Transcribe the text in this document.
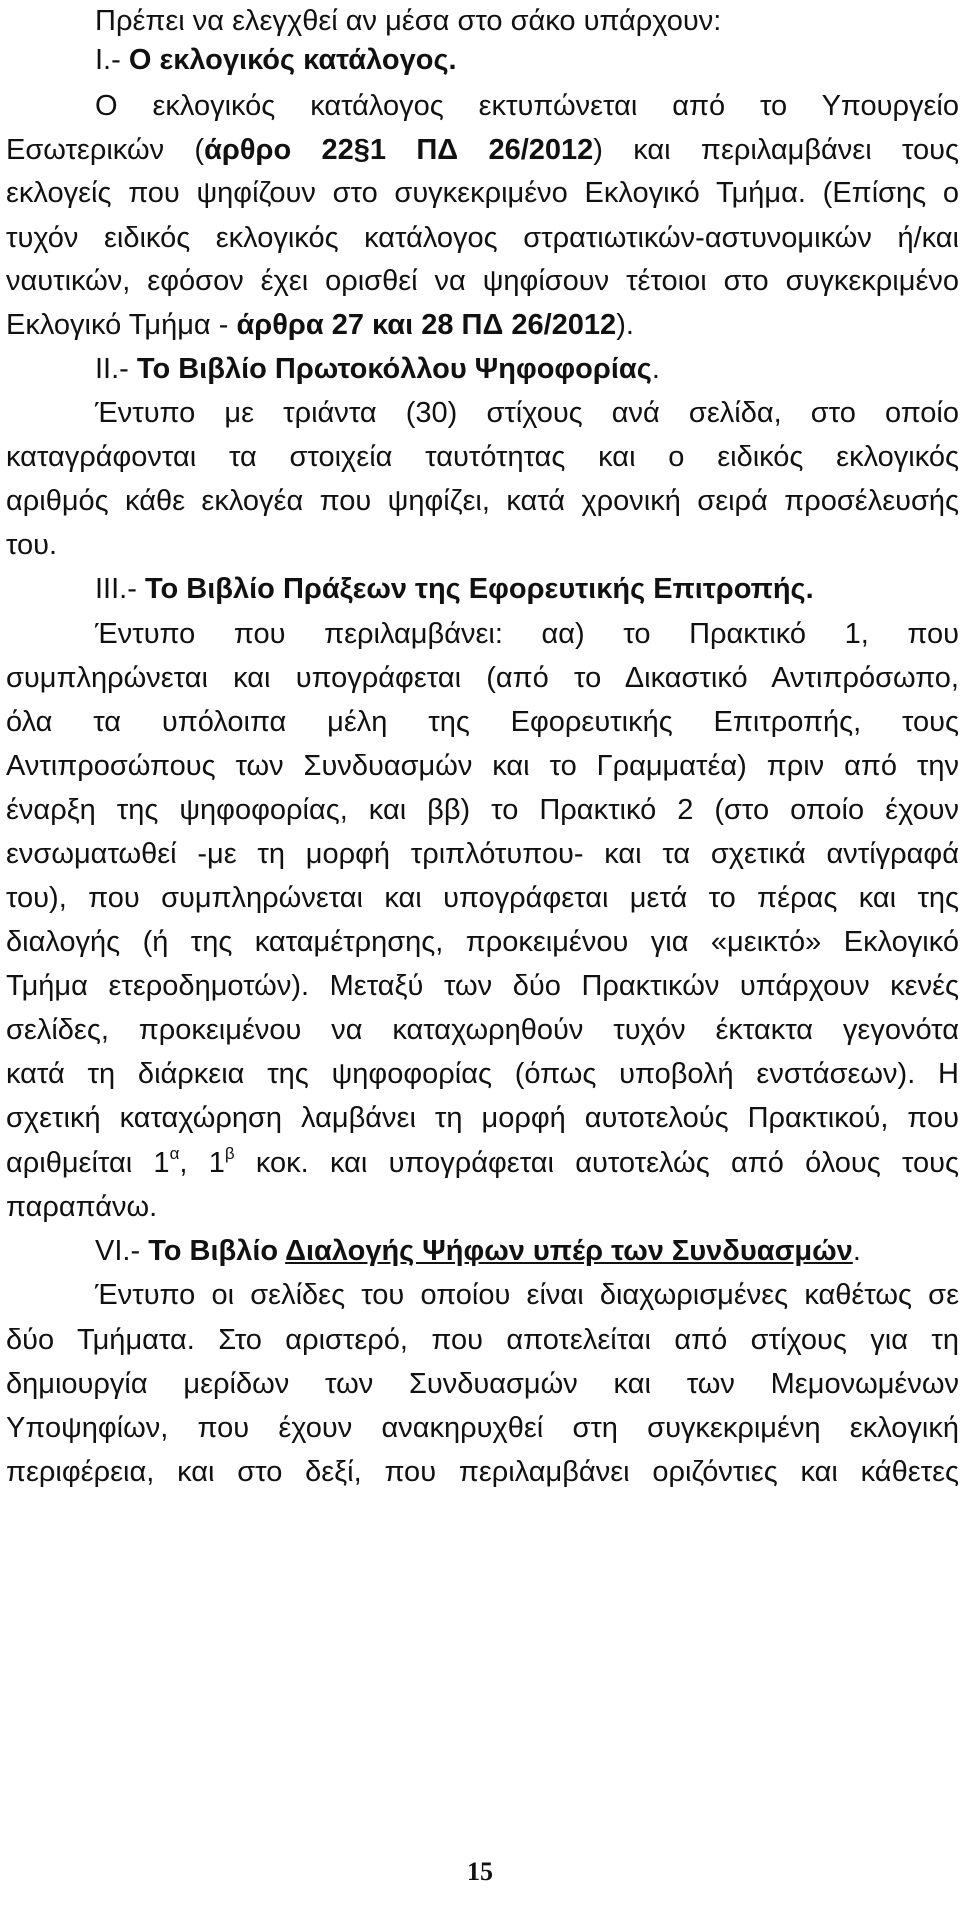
Πρέπει να ελεγχθεί αν μέσα στο σάκο υπάρχουν:
Ι.- Ο εκλογικός κατάλογος.
Ο εκλογικός κατάλογος εκτυπώνεται από το Υπουργείο
Εσωτερικών (άρθρο 22§1 ΠΔ 26/2012) και περιλαμβάνει τους
εκλογείς που ψηφίζουν στο συγκεκριμένο Εκλογικό Τμήμα. (Επίσης ο
τυχόν ειδικός εκλογικός κατάλογος στρατιωτικών-αστυνομικών ή/και
ναυτικών, εφόσον έχει ορισθεί να ψηφίσουν τέτοιοι στο συγκεκριμένο
Εκλογικό Τμήμα - άρθρα 27 και 28 ΠΔ 26/2012).
ΙΙ.- Το Βιβλίο Πρωτοκόλλου Ψηφοφορίας.
Έντυπο με τριάντα (30) στίχους ανά σελίδα, στο οποίο
καταγράφονται τα στοιχεία ταυτότητας και ο ειδικός εκλογικός
αριθμός κάθε εκλογέα που ψηφίζει, κατά χρονική σειρά προσέλευσής
του.
ΙΙΙ.- Το Βιβλίο Πράξεων της Εφορευτικής Επιτροπής.
Έντυπο που περιλαμβάνει: αα) το Πρακτικό 1, που
συμπληρώνεται και υπογράφεται (από το Δικαστικό Αντιπρόσωπο,
όλα τα υπόλοιπα μέλη της Εφορευτικής Επιτροπής, τους
Αντιπροσώπους των Συνδυασμών και το Γραμματέα) πριν από την
έναρξη της ψηφοφορίας, και ββ) το Πρακτικό 2 (στο οποίο έχουν
ενσωματωθεί -με τη μορφή τριπλότυπου- και τα σχετικά αντίγραφά
του), που συμπληρώνεται και υπογράφεται μετά το πέρας και της
διαλογής (ή της καταμέτρησης, προκειμένου για «μεικτό» Εκλογικό
Τμήμα ετεροδημοτών). Μεταξύ των δύο Πρακτικών υπάρχουν κενές
σελίδες, προκειμένου να καταχωρηθούν τυχόν έκτακτα γεγονότα
κατά τη διάρκεια της ψηφοφορίας (όπως υποβολή ενστάσεων). Η
σχετική καταχώρηση λαμβάνει τη μορφή αυτοτελούς Πρακτικού, που
αριθμείται $1^\alpha$, $1^\beta$ κοκ. και υπογράφεται αυτοτελώς από όλους τους
παραπάνω.
VI.- Το Βιβλίο Διαλογής Ψήφων υπέρ των Συνδυασμών.
Έντυπο οι σελίδες του οποίου είναι διαχωρισμένες καθέτως σε
δύο Τμήματα. Στο αριστερό, που αποτελείται από στίχους για τη
δημιουργία μερίδων των Συνδυασμών και των Μεμονωμένων
Υποψηφίων, που έχουν ανακηρυχθεί στη συγκεκριμένη εκλογική
περιφέρεια, και στο δεξί, που περιλαμβάνει οριζόντιες και κάθετες
15
